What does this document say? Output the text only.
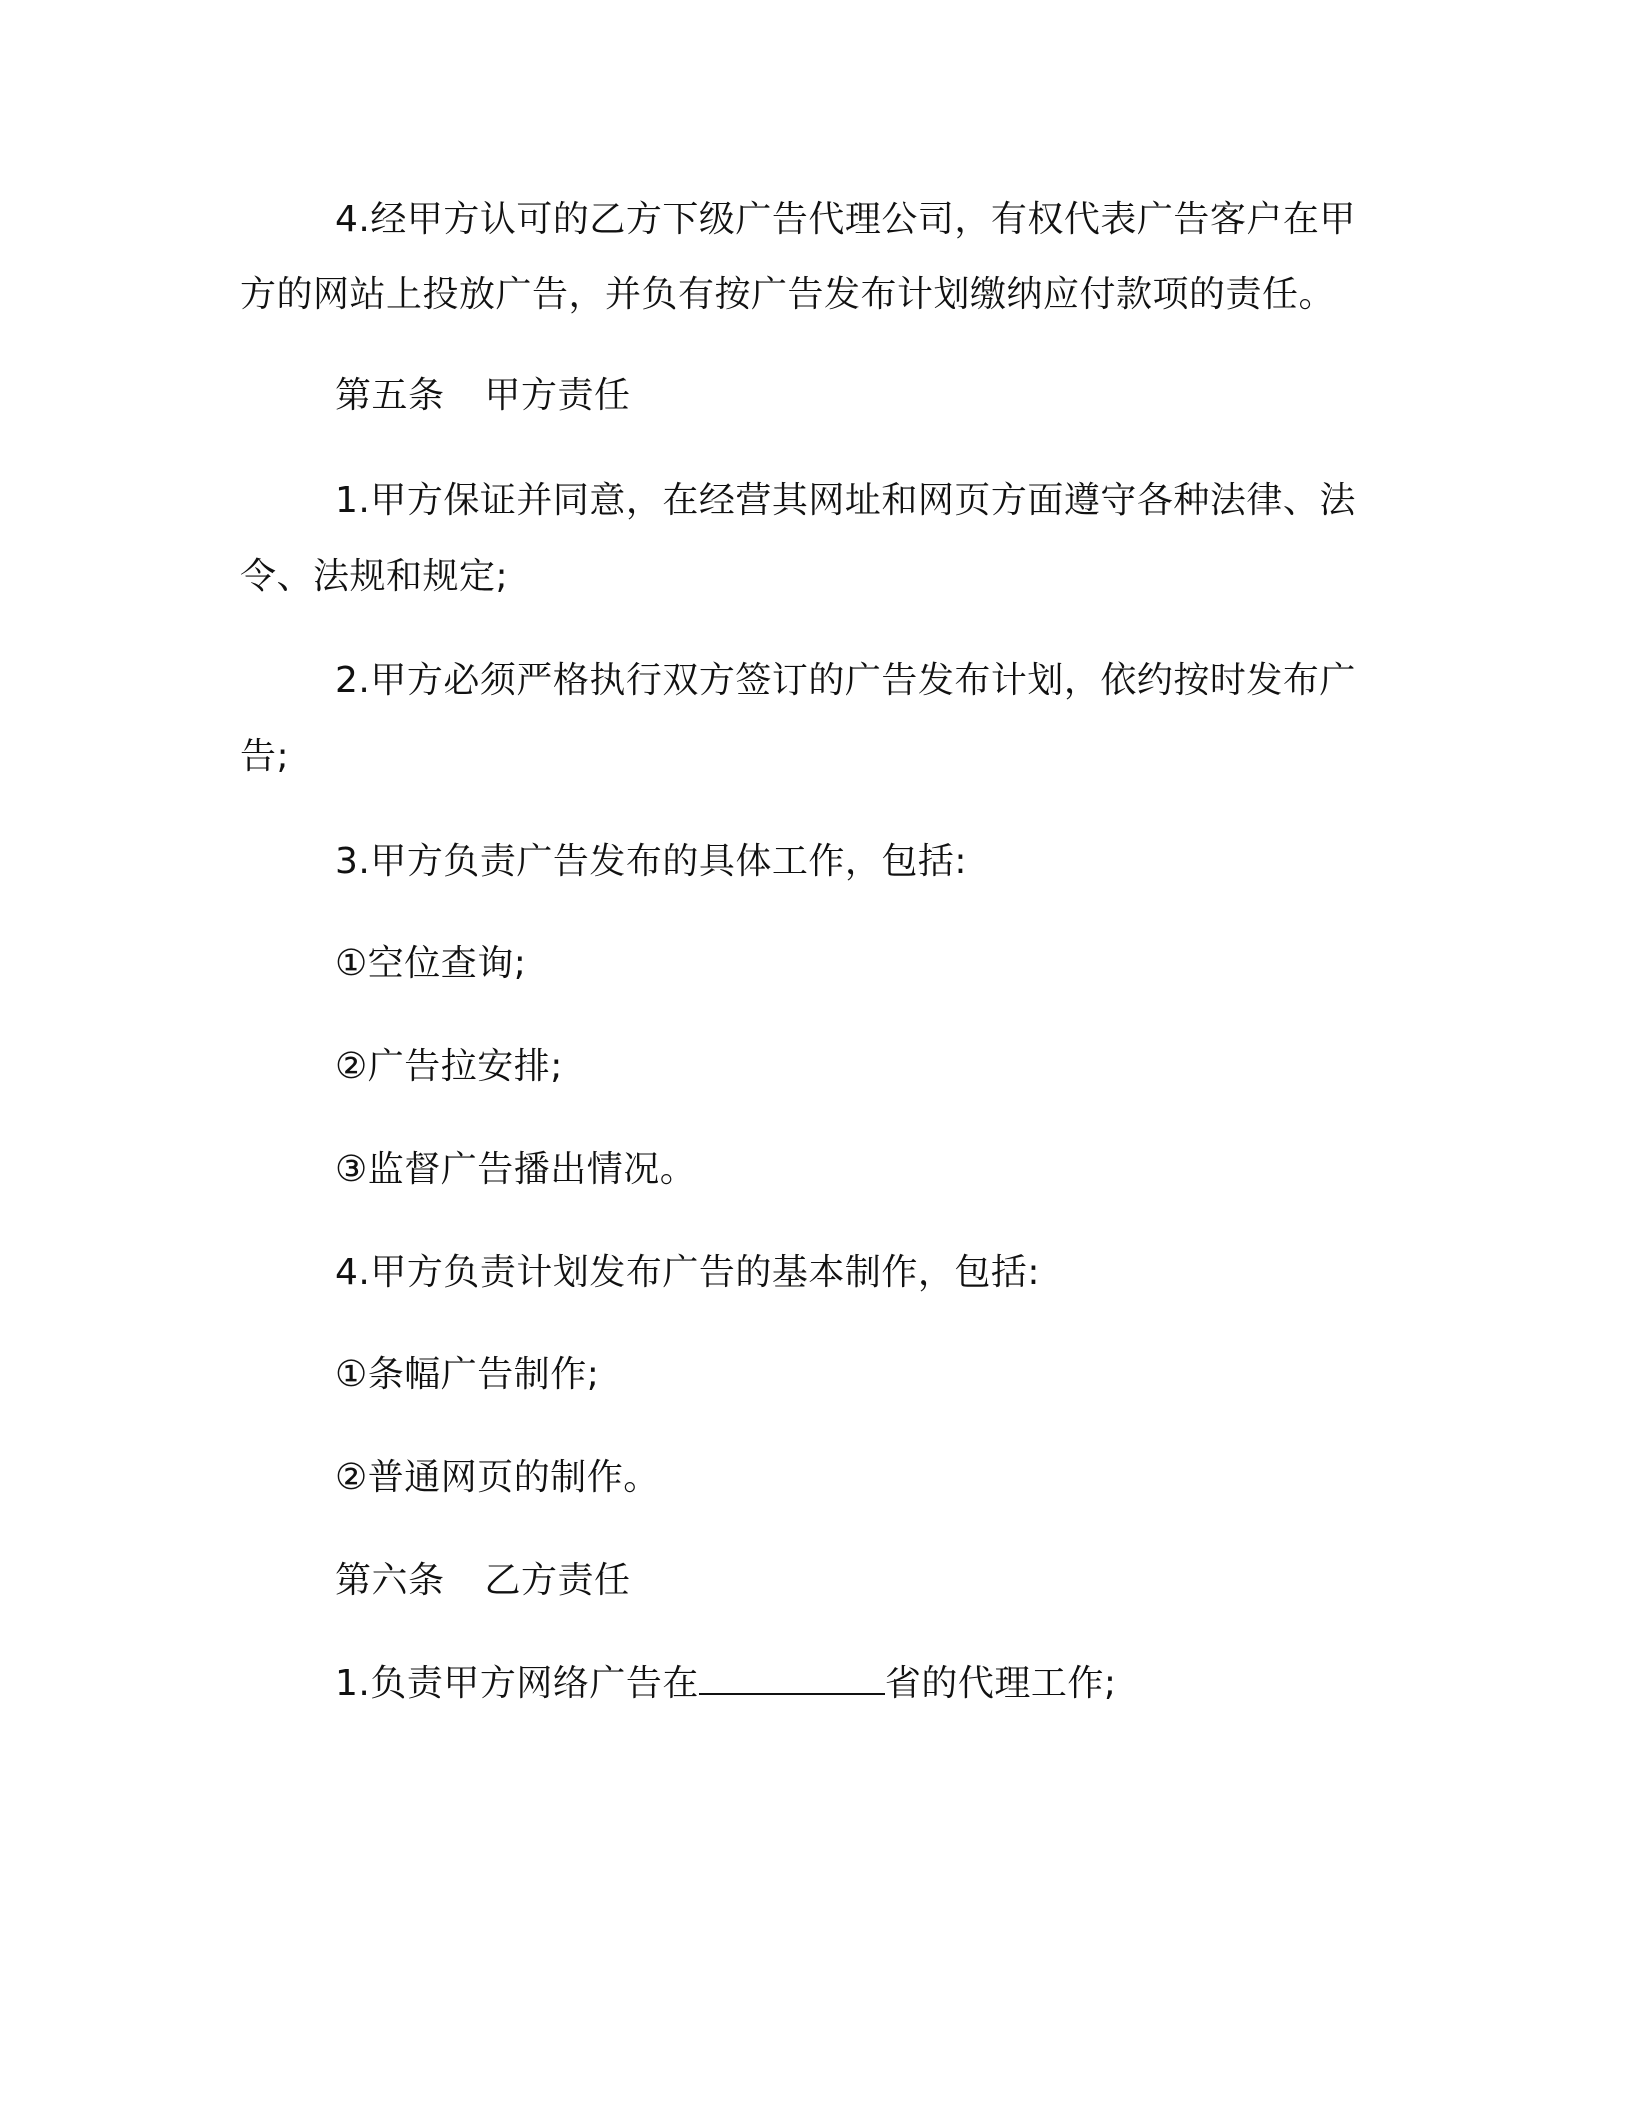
4.经甲方认可的乙方下级广告代理公司，有权代表广告客户在甲
方的网站上投放广告，并负有按广告发布计划缴纳应付款项的责任。
第五条 甲方责任
1.甲方保证并同意，在经营其网址和网页方面遵守各种法律、法
令、法规和规定;
2.甲方必须严格执行双方签订的广告发布计划，依约按时发布广
告;
3.甲方负责广告发布的具体工作，包括:
①空位查询;
②广告拉安排;
③监督广告播出情况。
4.甲方负责计划发布广告的基本制作，包括:
①条幅广告制作;
②普通网页的制作。
第六条 乙方责任
1.负责甲方网络广告在	省的代理工作;
